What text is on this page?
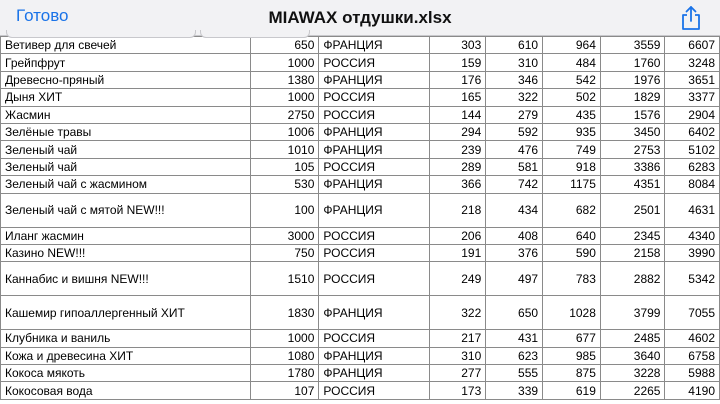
Готово	MIAWAX отдушки.xlsx
Ветивер для свечей	650	ФРАНЦИЯ	303	610	964	3559	6607
Грейпфрут	1000	РОССИЯ	159	310	484	1760	3248
Древесно-пряный	1380	ФРАНЦИЯ	176	346	542	1976	3651
Дыня ХИТ	1000	РОССИЯ	165	322	502	1829	3377
Жасмин	2750	РОССИЯ	144	279	435	1576	2904
Зелёные травы	1006	ФРАНЦИЯ	294	592	935	3450	6402
Зеленый чай	1010	ФРАНЦИЯ	239	476	749	2753	5102
Зеленый чай	105	РОССИЯ	289	581	918	3386	6283
Зеленый чай с жасмином	530	ФРАНЦИЯ	366	742	1175	4351	8084
Зеленый чай с мятой NEW!!!	100	ФРАНЦИЯ	218	434	682	2501	4631
Иланг жасмин	3000	РОССИЯ	206	408	640	2345	4340
Казино NEW!!!	750	РОССИЯ	191	376	590	2158	3990
Каннабис и вишня NEW!!!	1510	РОССИЯ	249	497	783	2882	5342
Кашемир гипоаллергенный ХИТ	1830	ФРАНЦИЯ	322	650	1028	3799	7055
Клубника и ваниль	1000	РОССИЯ	217	431	677	2485	4602
Кожа и древесина ХИТ	1080	ФРАНЦИЯ	310	623	985	3640	6758
Кокоса мякоть	1780	ФРАНЦИЯ	277	555	875	3228	5988
Кокосовая вода	107	РОССИЯ	173	339	619	2265	4190
